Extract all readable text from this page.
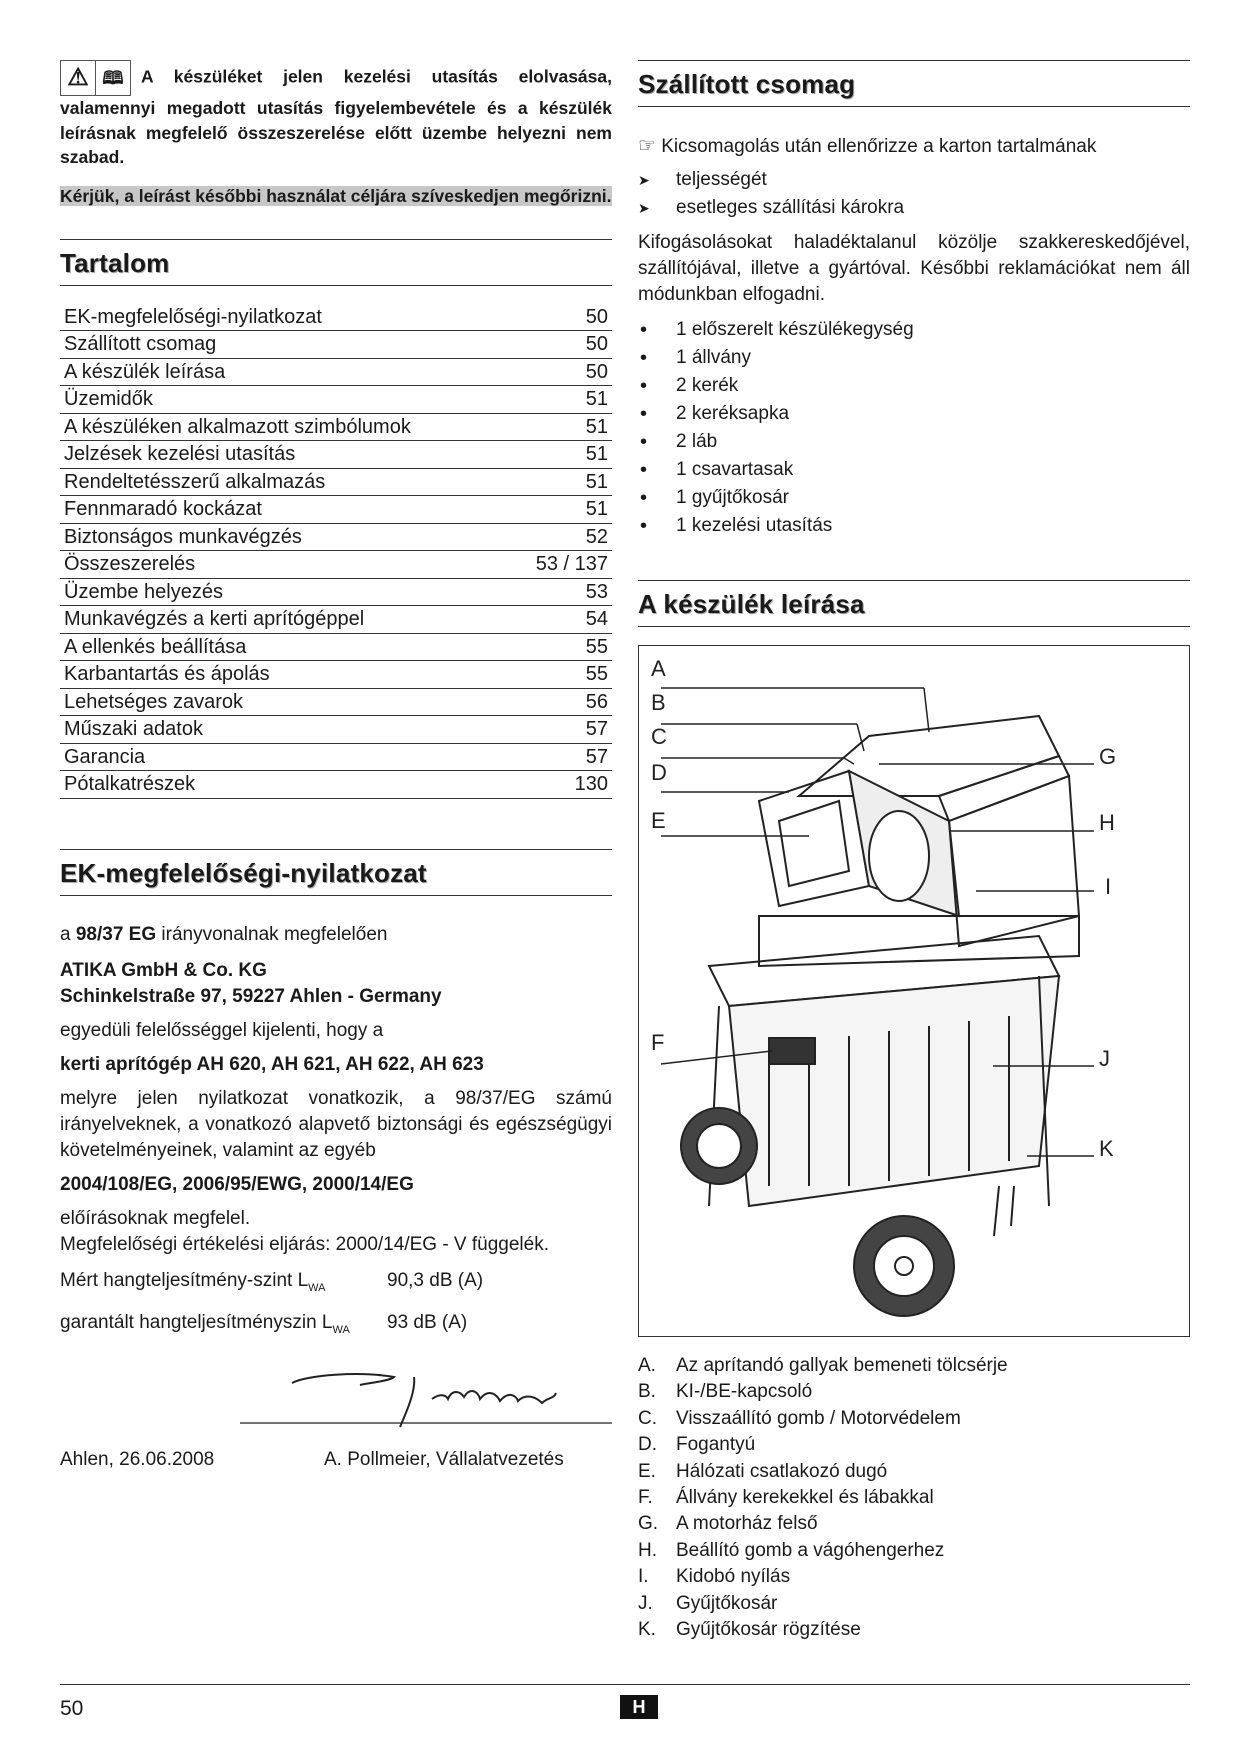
⚠ 🕮 A készüléket jelen kezelési utasítás elolvasása, valamennyi megadott utasítás figyelembevétele és a készülék leírásnak megfelelő összeszerelése előtt üzembe helyezni nem szabad.

Kérjük, a leírást későbbi használat céljára szíveskedjen megőrizni.

Tartalom
EK-megfelelőségi-nyilatkozat	50
Szállított csomag	50
A készülék leírása	50
Üzemidők	51
A készüléken alkalmazott szimbólumok	51
Jelzések kezelési utasítás	51
Rendeltetésszerű alkalmazás	51
Fennmaradó kockázat	51
Biztonságos munkavégzés	52
Összeszerelés	53 / 137
Üzembe helyezés	53
Munkavégzés a kerti aprítógéppel	54
A ellenkés beállítása	55
Karbantartás és ápolás	55
Lehetséges zavarok	56
Műszaki adatok	57
Garancia	57
Pótalkatrészek	130
EK-megfelelőségi-nyilatkozat

a 98/37 EG irányvonalnak megfelelően

ATIKA GmbH & Co. KG

Schinkelstraße 97, 59227 Ahlen - Germany

egyedüli felelősséggel kijelenti, hogy a

kerti aprítógép AH 620, AH 621, AH 622, AH 623

melyre jelen nyilatkozat vonatkozik, a 98/37/EG számú irányelveknek, a vonatkozó alapvető biztonsági és egészségügyi követelményeinek, valamint az egyéb

2004/108/EG, 2006/95/EWG, 2000/14/EG

előírásoknak megfelel.

Megfelelőségi értékelési eljárás: 2000/14/EG - V függelék.

Mért hangteljesítmény-szint $L_{WA}$	90,3 dB (A)
garantált hangteljesítményszin $L_{WA}$	93 dB (A)
Ahlen, 26.06.2008	A. Pollmeier, Vállalatvezetés
Szállított csomag

☞ Kicsomagolás után ellenőrizze a karton tartalmának

➤ teljességét
➤ esetleges szállítási károkra

Kifogásolásokat haladéktalanul közölje szakkereskedőjével, szállítójával, illetve a gyártóval. Későbbi reklamációkat nem áll módunkban elfogadni.

• 1 előszerelt készülékegység
• 1 állvány
• 2 kerék
• 2 keréksapka
• 2 láb
• 1 csavartasak
• 1 gyűjtőkosár
• 1 kezelési utasítás
A készülék leírása
A
B
C
D
E
F
G
H
I
J
K
A.	Az aprítandó gallyak bemeneti tölcsérje
B.	KI-/BE-kapcsoló
C.	Visszaállító gomb / Motorvédelem
D.	Fogantyú
E.	Hálózati csatlakozó dugó
F.	Állvány kerekekkel és lábakkal
G. A motorház felső
H.	Beállító gomb a vágóhengerhez
I.	Kidobó nyílás
J.	Gyűjtőkosár
K.	Gyűjtőkosár rögzítése
50	H
